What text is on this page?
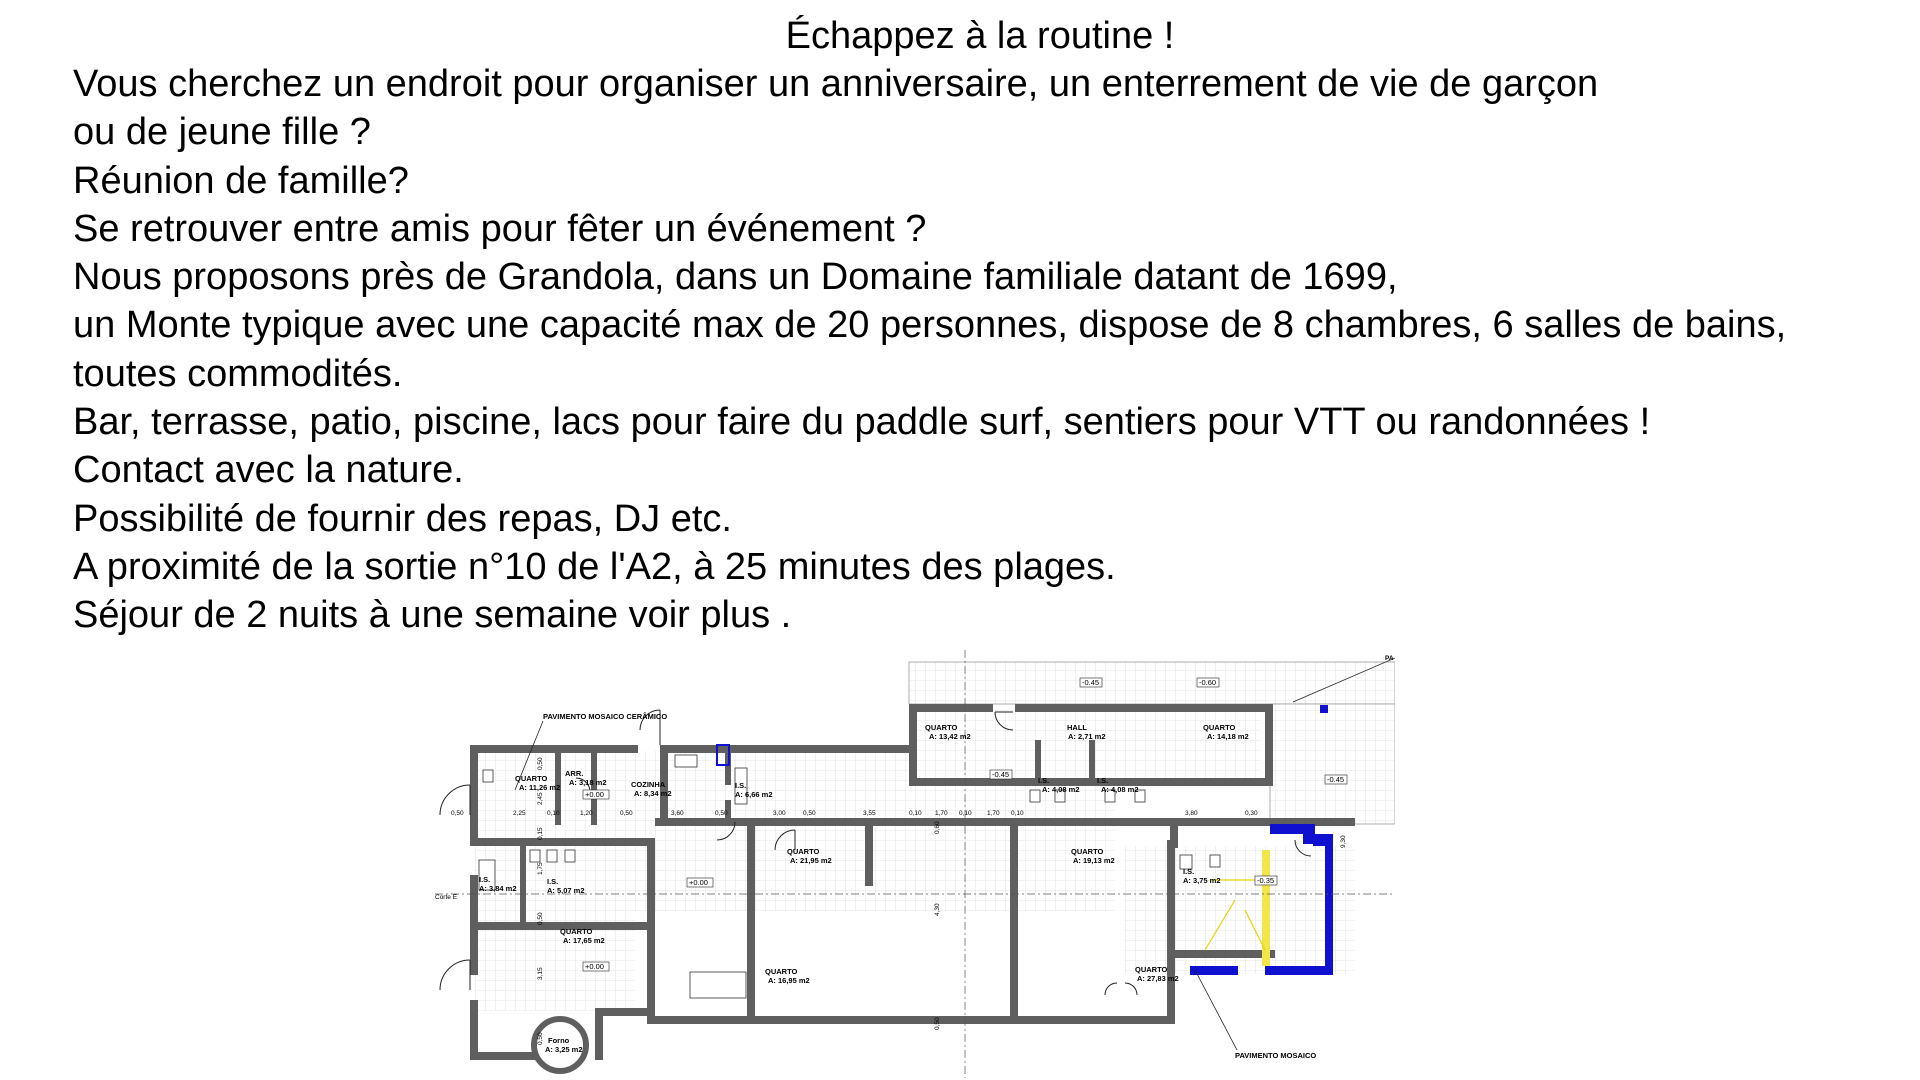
Échappez à la routine !
Vous cherchez un endroit pour organiser un anniversaire, un enterrement de vie de garçon
ou de jeune fille ?
Réunion de famille?
Se retrouver entre amis pour fêter un événement ?
Nous proposons près de Grandola, dans un Domaine familiale datant de 1699,
un Monte typique avec une capacité max de 20 personnes, dispose de 8 chambres, 6 salles de bains,
toutes commodités.
Bar, terrasse, patio, piscine, lacs pour faire du paddle surf, sentiers pour VTT ou randonnées !
Contact avec la nature.
Possibilité de fournir des repas, DJ etc.
A proximité de la sortie n°10 de l'A2, à 25 minutes des plages.
Séjour de 2 nuits à une semaine voir plus .
PAVIMENTO MOSAICO CERÂMICO
PAVIMENTO MOSAICO
Corte E
PA
QUARTO
A: 11,26 m2
ARR.
A: 3,18 m2	COZINHA
A: 8,34 m2
I.S.
A: 6,66 m2
QUARTO
A: 13,42 m2
HALL
A: 2,71 m2
I.S.
A: 4,08 m2
I.S.
A: 4,08 m2
QUARTO
A: 14,18 m2
I.S.
A: 3,84 m2
I.S.
A: 5,07 m2
QUARTO
A: 21,95 m2
QUARTO
A: 19,13 m2
I.S.
A: 3,75 m2
QUARTO
A: 17,65 m2
QUARTO
A: 16,95 m2
QUARTO
A: 27,83 m2
Forno
A: 3,25 m2
-0.45	-0.60
-0.45
-0.45
+0.00
+0.00
+0.00
-0.35
0,50	2,25	0,10	1,20	0,50	3,60	0,50	3,00	0,50	3,55	0,10 1,70 0,10 1,70 0,10	3,80	0,30
0,50
2,45
0,15
1,75
0,50
3,15
0,50
0,60
4,30
0,50
9,30
